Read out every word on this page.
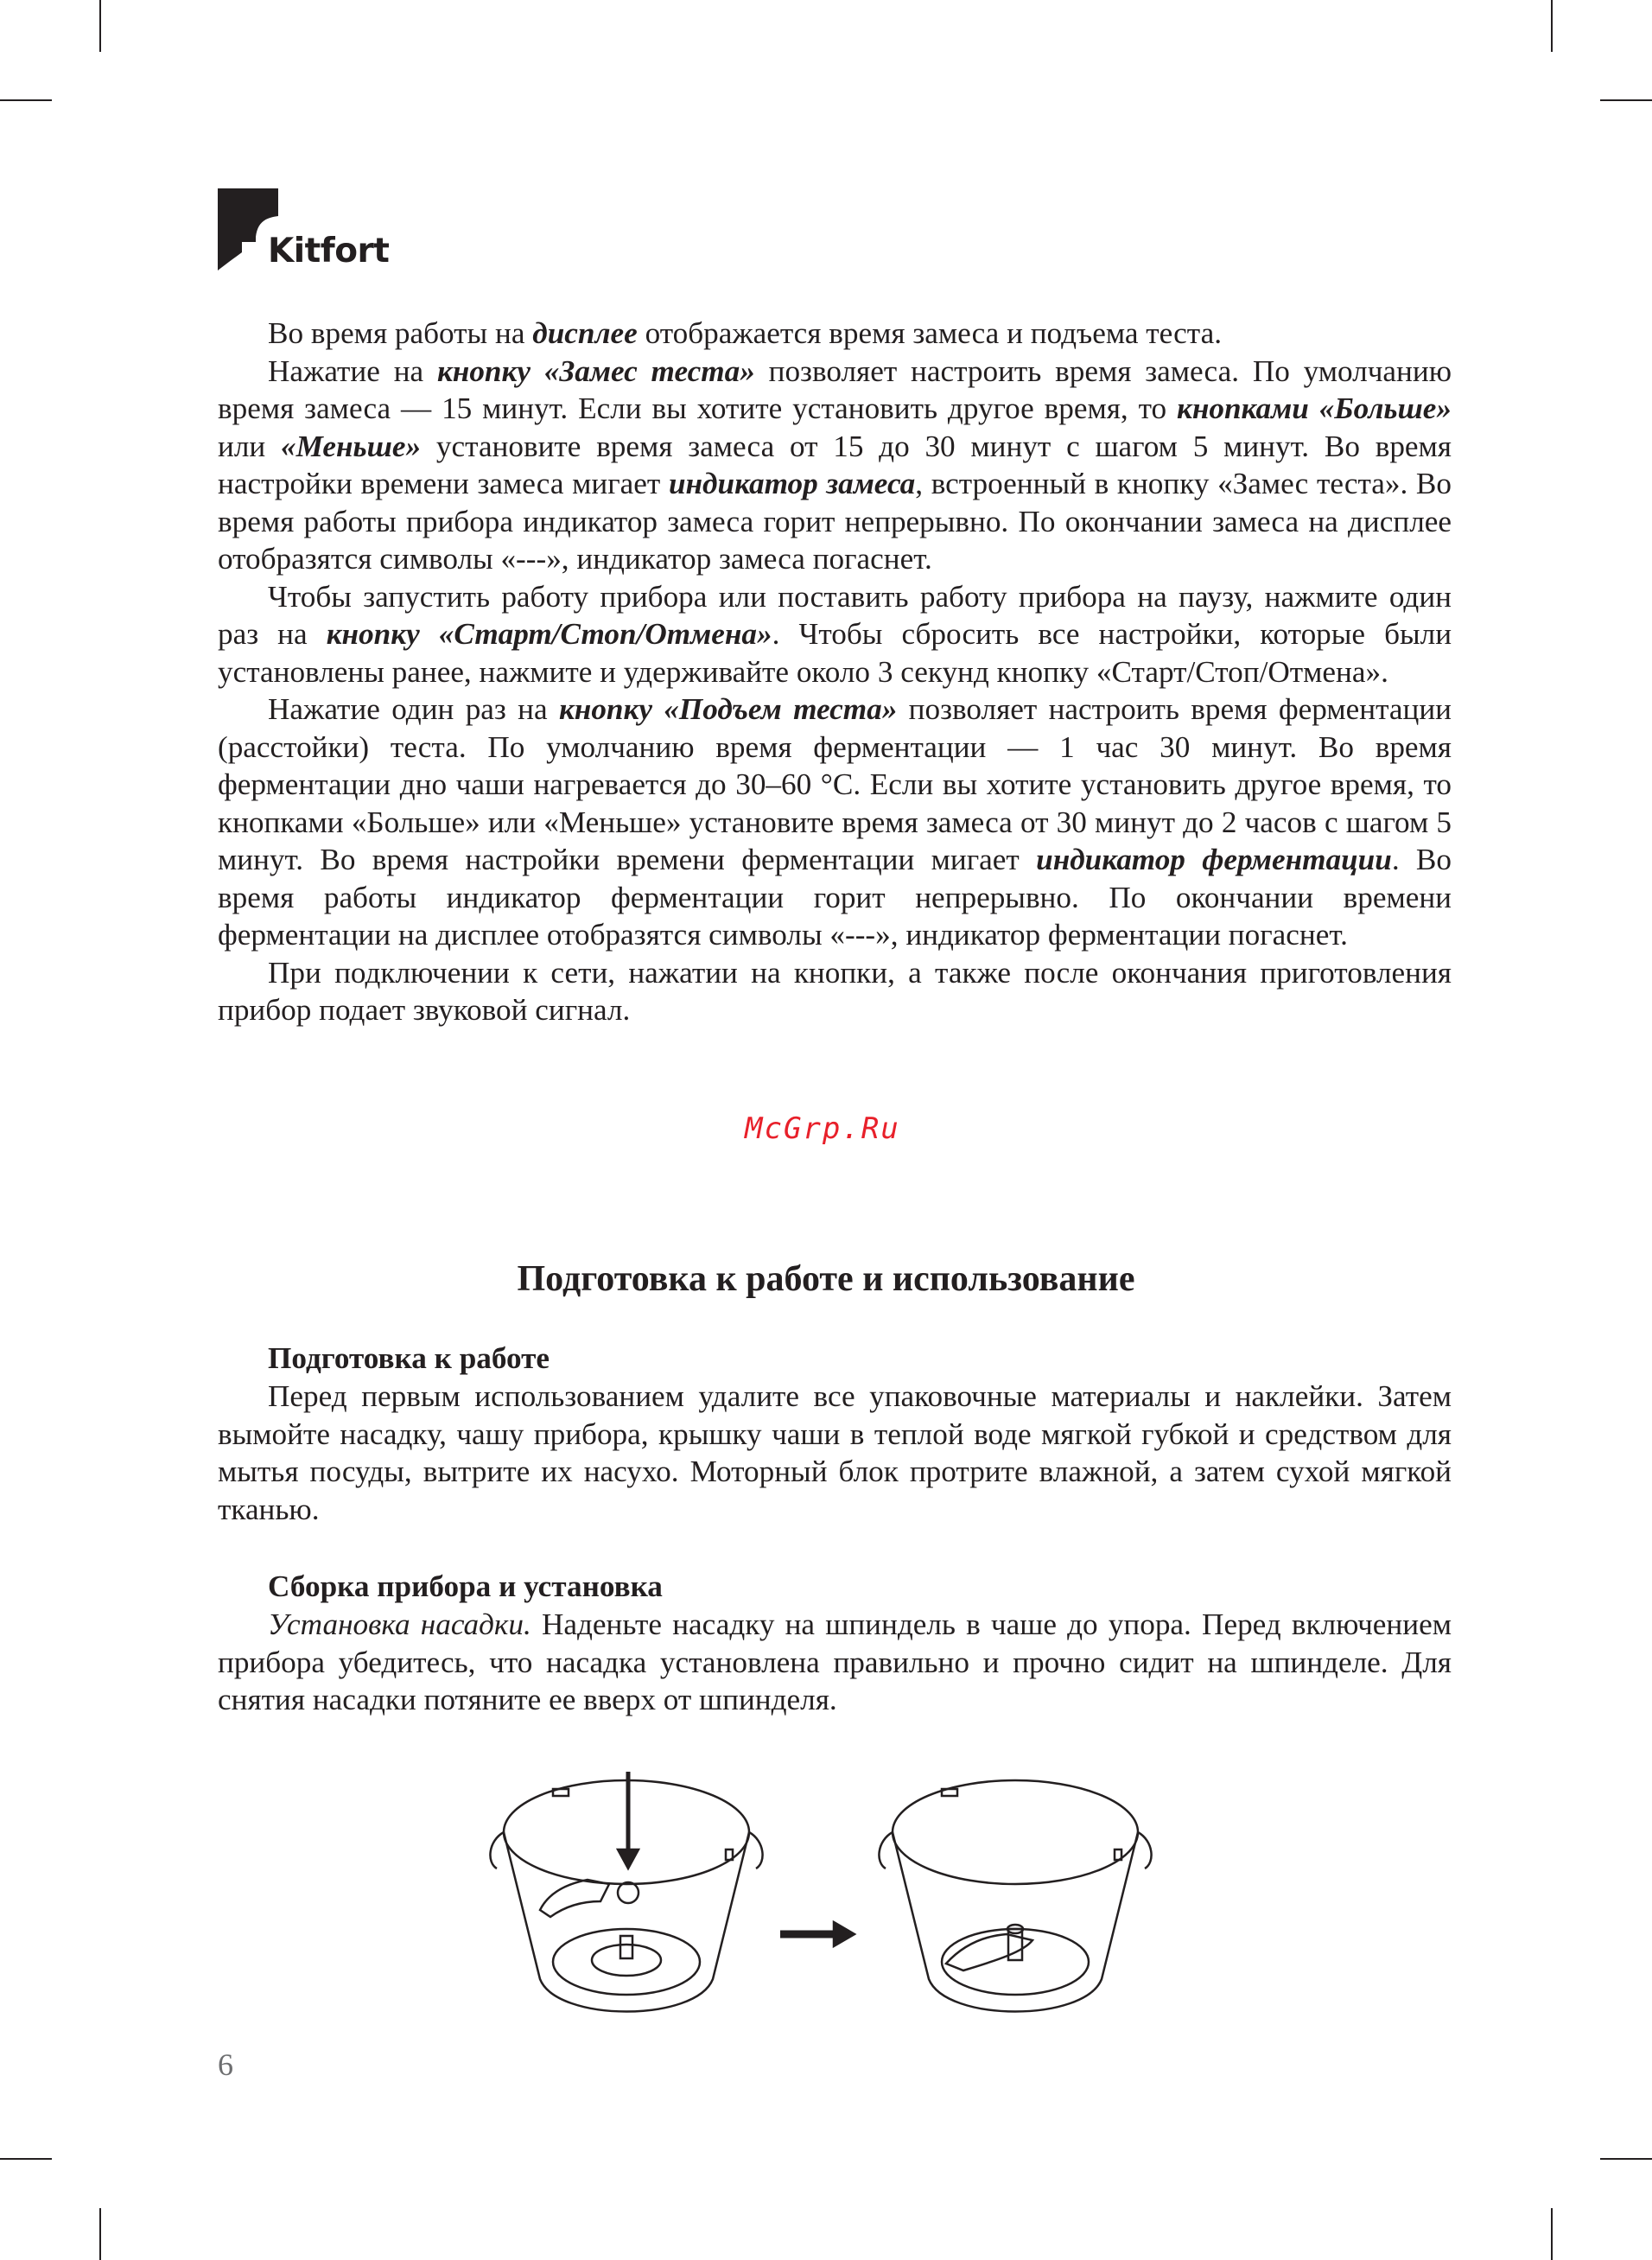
Kitfort

Во время работы на дисплее отображается время замеса и подъема теста.

Нажатие на кнопку «Замес теста» позволяет настроить время замеса. По умолчанию время замеса — 15 минут. Если вы хотите установить другое время, то кнопками «Больше» или «Меньше» установите время замеса от 15 до 30 минут с шагом 5 минут. Во время настройки времени замеса мигает индикатор замеса, встроенный в кнопку «Замес теста». Во время работы прибора индикатор замеса горит непрерывно. По окончании замеса на дисплее отобразятся символы «---», индикатор замеса погаснет.

Чтобы запустить работу прибора или поставить работу прибора на паузу, нажмите один раз на кнопку «Старт/Стоп/Отмена». Чтобы сбросить все настройки, которые были установлены ранее, нажмите и удерживайте около 3 секунд кнопку «Старт/Стоп/Отмена».

Нажатие один раз на кнопку «Подъем теста» позволяет настроить время ферментации (расстойки) теста. По умолчанию время ферментации — 1 час 30 минут. Во время ферментации дно чаши нагревается до 30–60 °С. Если вы хотите установить другое время, то кнопками «Больше» или «Меньше» установите время замеса от 30 минут до 2 часов с шагом 5 минут. Во время настройки времени ферментации мигает индикатор ферментации. Во время работы индикатор ферментации горит непрерывно. По окончании времени ферментации на дисплее отобразятся символы «---», индикатор ферментации погаснет.

При подключении к сети, нажатии на кнопки, а также после окончания приготовления прибор подает звуковой сигнал.

McGrp.Ru
Подготовка к работе и использование
Подготовка к работе

Перед первым использованием удалите все упаковочные материалы и наклейки. Затем вымойте насадку, чашу прибора, крышку чаши в теплой воде мягкой губкой и средством для мытья посуды, вытрите их насухо. Моторный блок протрите влажной, а затем сухой мягкой тканью.

Сборка прибора и установка

Установка насадки. Наденьте насадку на шпиндель в чаше до упора. Перед включением прибора убедитесь, что насадка установлена правильно и прочно сидит на шпинделе. Для снятия насадки потяните ее вверх от шпинделя.

6
